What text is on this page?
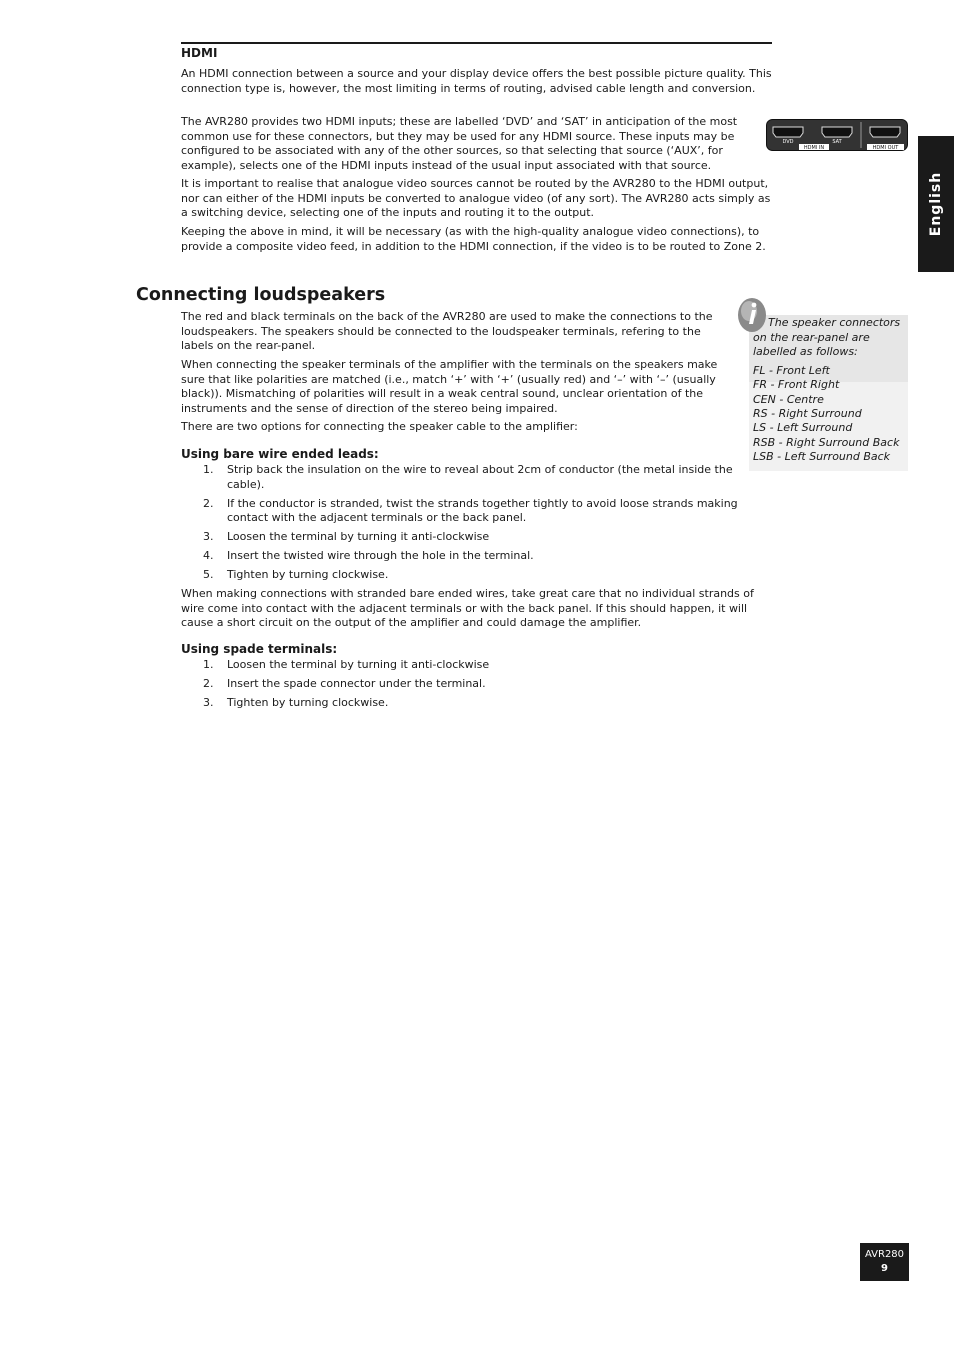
HDMI

An HDMI connection between a source and your display device offers the best possible picture quality. This connection type is, however, the most limiting in terms of routing, advised cable length and conversion.

The AVR280 provides two HDMI inputs; these are labelled ‘DVD’ and ‘SAT’ in anticipation of the most common use for these connectors, but they may be used for any HDMI source. These inputs may be configured to be associated with any of the other sources, so that selecting that source (‘AUX’, for example), selects one of the HDMI inputs instead of the usual input associated with that source.

It is important to realise that analogue video sources cannot be routed by the AVR280 to the HDMI output, nor can either of the HDMI inputs be converted to analogue video (of any sort). The AVR280 acts simply as a switching device, selecting one of the inputs and routing it to the output.

Keeping the above in mind, it will be necessary (as with the high-quality analogue video connections), to provide a composite video feed, in addition to the HDMI connection, if the video is to be routed to Zone 2.

DVD	SAT
HDMI IN	HDMI OUT
English
Connecting loudspeakers

The red and black terminals on the back of the AVR280 are used to make the connections to the loudspeakers. The speakers should be connected to the loudspeaker terminals, refering to the labels on the rear-panel.

When connecting the speaker terminals of the amplifier with the terminals on the speakers make sure that like polarities are matched (i.e., match ‘+’ with ‘+’ (usually red) and ‘–’ with ‘–’ (usually black)). Mismatching of polarities will result in a weak central sound, unclear orientation of the instruments and the sense of direction of the stereo being impaired.

There are two options for connecting the speaker cable to the amplifier:

Using bare wire ended leads:
1. Strip back the insulation on the wire to reveal about 2cm of conductor (the metal inside the cable).
2. If the conductor is stranded, twist the strands together tightly to avoid loose strands making contact with the adjacent terminals or the back panel.
3. Loosen the terminal by turning it anti-clockwise
4. Insert the twisted wire through the hole in the terminal.
5. Tighten by turning clockwise.

When making connections with stranded bare ended wires, take great care that no individual strands of wire come into contact with the adjacent terminals or with the back panel. If this should happen, it will cause a short circuit on the output of the amplifier and could damage the amplifier.

Using spade terminals:
1. Loosen the terminal by turning it anti-clockwise
2. Insert the spade connector under the terminal.
3. Tighten by turning clockwise.

The speaker connectors on the rear-panel are labelled as follows:

FL - Front Left

FR - Front Right

CEN - Centre

RS - Right Surround

LS - Left Surround

RSB - Right Surround Back

LSB - Left Surround Back

AVR280
9
